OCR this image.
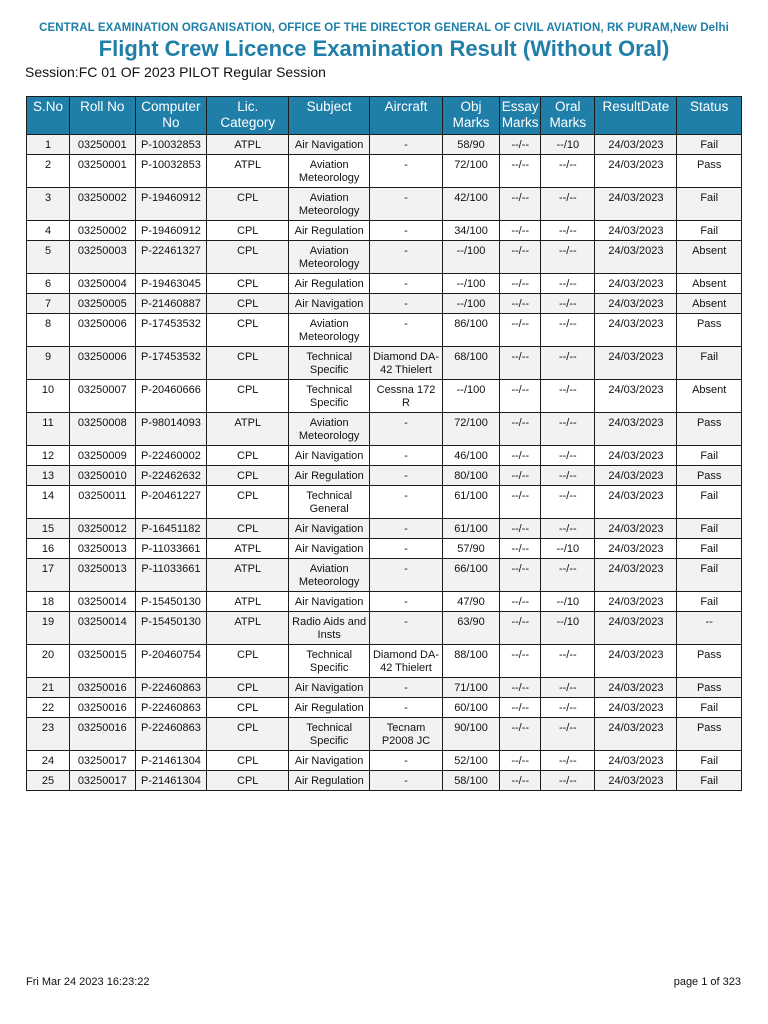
CENTRAL EXAMINATION ORGANISATION, OFFICE OF THE DIRECTOR GENERAL OF CIVIL AVIATION, RK PURAM,New Delhi
Flight Crew Licence Examination Result (Without Oral)
Session:FC 01 OF 2023 PILOT Regular Session
S.No	Roll No	Computer No	Lic. Category	Subject	Aircraft	Obj Marks	Essay Marks	Oral Marks	ResultDate	Status
1	03250001	P-10032853	ATPL	Air Navigation	-	58/90	--/--	--/10	24/03/2023	Fail
2	03250001	P-10032853	ATPL	Aviation Meteorology	-	72/100	--/--	--/--	24/03/2023	Pass
3	03250002	P-19460912	CPL	Aviation Meteorology	-	42/100	--/--	--/--	24/03/2023	Fail
4	03250002	P-19460912	CPL	Air Regulation	-	34/100	--/--	--/--	24/03/2023	Fail
5	03250003	P-22461327	CPL	Aviation Meteorology	-	--/100	--/--	--/--	24/03/2023	Absent
6	03250004	P-19463045	CPL	Air Regulation	-	--/100	--/--	--/--	24/03/2023	Absent
7	03250005	P-21460887	CPL	Air Navigation	-	--/100	--/--	--/--	24/03/2023	Absent
8	03250006	P-17453532	CPL	Aviation Meteorology	-	86/100	--/--	--/--	24/03/2023	Pass
9	03250006	P-17453532	CPL	Technical Specific	Diamond DA-42 Thielert	68/100	--/--	--/--	24/03/2023	Fail
10	03250007	P-20460666	CPL	Technical Specific	Cessna 172 R	--/100	--/--	--/--	24/03/2023	Absent
11	03250008	P-98014093	ATPL	Aviation Meteorology	-	72/100	--/--	--/--	24/03/2023	Pass
12	03250009	P-22460002	CPL	Air Navigation	-	46/100	--/--	--/--	24/03/2023	Fail
13	03250010	P-22462632	CPL	Air Regulation	-	80/100	--/--	--/--	24/03/2023	Pass
14	03250011	P-20461227	CPL	Technical General	-	61/100	--/--	--/--	24/03/2023	Fail
15	03250012	P-16451182	CPL	Air Navigation	-	61/100	--/--	--/--	24/03/2023	Fail
16	03250013	P-11033661	ATPL	Air Navigation	-	57/90	--/--	--/10	24/03/2023	Fail
17	03250013	P-11033661	ATPL	Aviation Meteorology	-	66/100	--/--	--/--	24/03/2023	Fail
18	03250014	P-15450130	ATPL	Air Navigation	-	47/90	--/--	--/10	24/03/2023	Fail
19	03250014	P-15450130	ATPL	Radio Aids and Insts	-	63/90	--/--	--/10	24/03/2023	--
20	03250015	P-20460754	CPL	Technical Specific	Diamond DA-42 Thielert	88/100	--/--	--/--	24/03/2023	Pass
21	03250016	P-22460863	CPL	Air Navigation	-	71/100	--/--	--/--	24/03/2023	Pass
22	03250016	P-22460863	CPL	Air Regulation	-	60/100	--/--	--/--	24/03/2023	Fail
23	03250016	P-22460863	CPL	Technical Specific	Tecnam P2008 JC	90/100	--/--	--/--	24/03/2023	Pass
24	03250017	P-21461304	CPL	Air Navigation	-	52/100	--/--	--/--	24/03/2023	Fail
25	03250017	P-21461304	CPL	Air Regulation	-	58/100	--/--	--/--	24/03/2023	Fail
Fri Mar 24 2023 16:23:22	page 1 of 323
